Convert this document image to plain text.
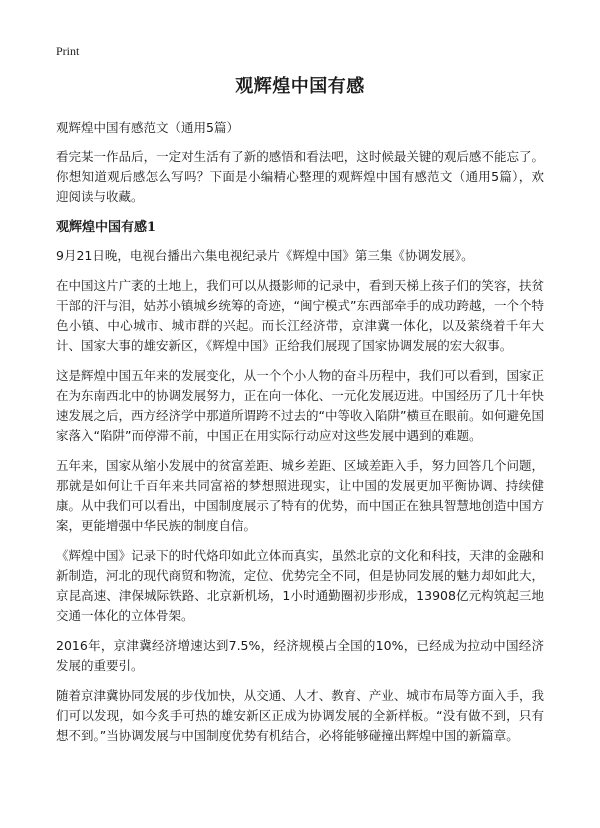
Print
观辉煌中国有感
观辉煌中国有感范文（通用5篇）

看完某一作品后，一定对生活有了新的感悟和看法吧，这时候最关键的观后感不能忘了。你想知道观后感怎么写吗？下面是小编精心整理的观辉煌中国有感范文（通用5篇），欢迎阅读与收藏。

观辉煌中国有感1

9月21日晚，电视台播出六集电视纪录片《辉煌中国》第三集《协调发展》。

在中国这片广袤的土地上，我们可以从摄影师的记录中，看到天梯上孩子们的笑容，扶贫干部的汗与泪，姑苏小镇城乡统筹的奇迹，“闽宁模式”东西部牵手的成功跨越，一个个特色小镇、中心城市、城市群的兴起。而长江经济带，京津冀一体化，以及萦绕着千年大计、国家大事的雄安新区，《辉煌中国》正给我们展现了国家协调发展的宏大叙事。

这是辉煌中国五年来的发展变化，从一个个小人物的奋斗历程中，我们可以看到，国家正在为东南西北中的协调发展努力，正在向一体化、一元化发展迈进。中国经历了几十年快速发展之后，西方经济学中那道所谓跨不过去的“中等收入陷阱”横亘在眼前。如何避免国家落入“陷阱”而停滞不前，中国正在用实际行动应对这些发展中遇到的难题。

五年来，国家从缩小发展中的贫富差距、城乡差距、区域差距入手，努力回答几个问题，那就是如何让千百年来共同富裕的梦想照进现实，让中国的发展更加平衡协调、持续健康。从中我们可以看出，中国制度展示了特有的优势，而中国正在独具智慧地创造中国方案，更能增强中华民族的制度自信。

《辉煌中国》记录下的时代烙印如此立体而真实，虽然北京的文化和科技，天津的金融和新制造，河北的现代商贸和物流，定位、优势完全不同，但是协同发展的魅力却如此大，京昆高速、津保城际铁路、北京新机场，1小时通勤圈初步形成，13908亿元构筑起三地交通一体化的立体骨架。

2016年，京津冀经济增速达到7.5%，经济规模占全国的10%，已经成为拉动中国经济发展的重要引。

随着京津冀协同发展的步伐加快，从交通、人才、教育、产业、城市布局等方面入手，我们可以发现，如今炙手可热的雄安新区正成为协调发展的全新样板。“没有做不到，只有想不到。”当协调发展与中国制度优势有机结合，必将能够碰撞出辉煌中国的新篇章。
